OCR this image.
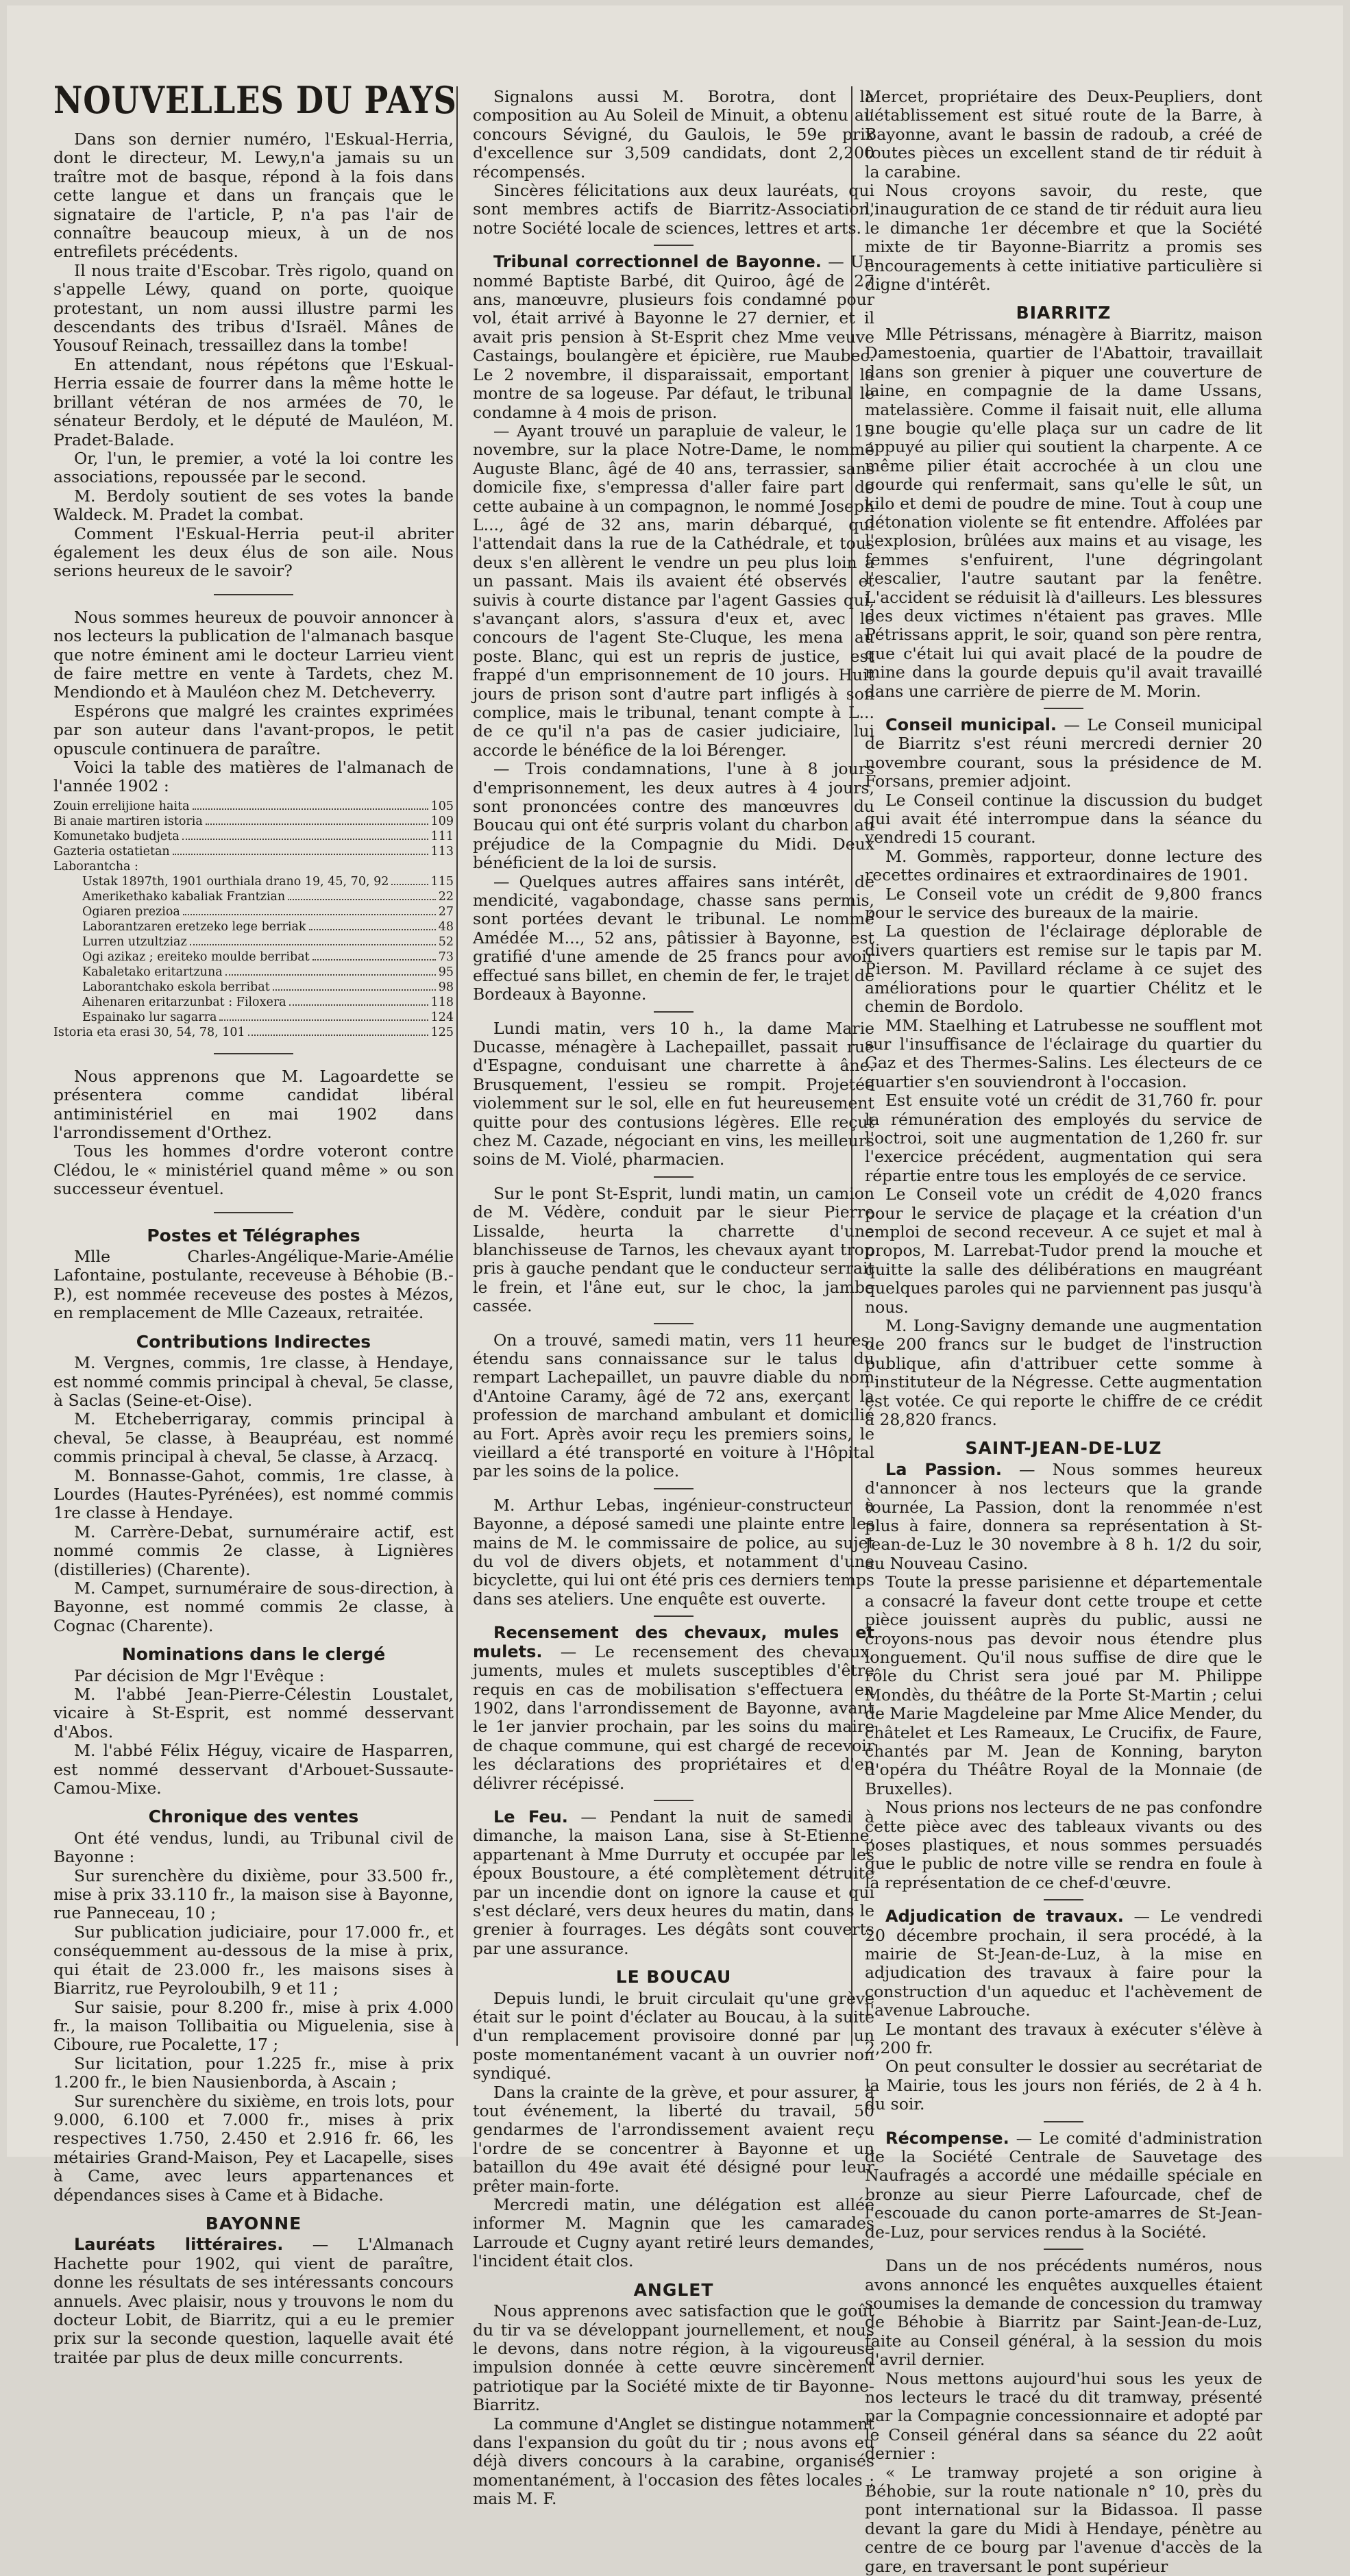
NOUVELLES DU PAYS

Dans son dernier numéro, l'Eskual-Herria, dont le directeur, M. Lewy,n'a jamais su un traître mot de basque, répond à la fois dans cette langue et dans un français que le signataire de l'article, P, n'a pas l'air de connaître beaucoup mieux, à un de nos entrefilets précédents.

Il nous traite d'Escobar. Très rigolo, quand on s'appelle Léwy, quand on porte, quoique protestant, un nom aussi illustre parmi les descendants des tribus d'Israël. Mânes de Yousouf Reinach, tressaillez dans la tombe!

En attendant, nous répétons que l'Eskual-Herria essaie de fourrer dans la même hotte le brillant vétéran de nos armées de 70, le sénateur Berdoly, et le député de Mauléon, M. Pradet-Balade.

Or, l'un, le premier, a voté la loi contre les associations, repoussée par le second.

M. Berdoly soutient de ses votes la bande Waldeck. M. Pradet la combat.

Comment l'Eskual-Herria peut-il abriter également les deux élus de son aile. Nous serions heureux de le savoir?

Nous sommes heureux de pouvoir annoncer à nos lecteurs la publication de l'almanach basque que notre éminent ami le docteur Larrieu vient de faire mettre en vente à Tardets, chez M. Mendiondo et à Mauléon chez M. Detcheverry.

Espérons que malgré les craintes exprimées par son auteur dans l'avant-propos, le petit opuscule continuera de paraître.

Voici la table des matières de l'almanach de l'année 1902 :

Zouin errelijione haita	105
Bi anaie martiren istoria	109
Komunetako budjeta	111
Gazteria ostatietan	113
Laborantcha :
Ustak 1897th, 1901 ourthiala drano 19, 45, 70, 92	115
Amerikethako kabaliak Frantzian	22
Ogiaren prezioa	27
Laborantzaren eretzeko lege berriak	48
Lurren utzultziaz	52
Ogi azikaz ; ereiteko moulde berribat	73
Kabaletako eritartzuna	95
Laborantchako eskola berribat	98
Aihenaren eritarzunbat : Filoxera	118
Espainako lur sagarra	124
Istoria eta erasi 30, 54, 78, 101	125

Nous apprenons que M. Lagoardette se présentera comme candidat libéral antiministériel en mai 1902 dans l'arrondissement d'Orthez.

Tous les hommes d'ordre voteront contre Clédou, le « ministériel quand même » ou son successeur éventuel.

Postes et Télégraphes

Mlle Charles-Angélique-Marie-Amélie Lafontaine, postulante, receveuse à Béhobie (B.-P.), est nommée receveuse des postes à Mézos, en remplacement de Mlle Cazeaux, retraitée.

Contributions Indirectes

M. Vergnes, commis, 1re classe, à Hendaye, est nommé commis principal à cheval, 5e classe, à Saclas (Seine-et-Oise).

M. Etcheberrigaray, commis principal à cheval, 5e classe, à Beaupréau, est nommé commis principal à cheval, 5e classe, à Arzacq.

M. Bonnasse-Gahot, commis, 1re classe, à Lourdes (Hautes-Pyrénées), est nommé commis 1re classe à Hendaye.

M. Carrère-Debat, surnuméraire actif, est nommé commis 2e classe, à Lignières (distilleries) (Charente).

M. Campet, surnuméraire de sous-direction, à Bayonne, est nommé commis 2e classe, à Cognac (Charente).

Nominations dans le clergé

Par décision de Mgr l'Evêque :

M. l'abbé Jean-Pierre-Célestin Loustalet, vicaire à St-Esprit, est nommé desservant d'Abos.

M. l'abbé Félix Héguy, vicaire de Hasparren, est nommé desservant d'Arbouet-Sussaute-Camou-Mixe.

Chronique des ventes

Ont été vendus, lundi, au Tribunal civil de Bayonne :

Sur surenchère du dixième, pour 33.500 fr., mise à prix 33.110 fr., la maison sise à Bayonne, rue Panneceau, 10 ;

Sur publication judiciaire, pour 17.000 fr., et conséquemment au-dessous de la mise à prix, qui était de 23.000 fr., les maisons sises à Biarritz, rue Peyroloubilh, 9 et 11 ;

Sur saisie, pour 8.200 fr., mise à prix 4.000 fr., la maison Tollibaitia ou Miguelenia, sise à Ciboure, rue Pocalette, 17 ;

Sur licitation, pour 1.225 fr., mise à prix 1.200 fr., le bien Nausienborda, à Ascain ;

Sur surenchère du sixième, en trois lots, pour 9.000, 6.100 et 7.000 fr., mises à prix respectives 1.750, 2.450 et 2.916 fr. 66, les métairies Grand-Maison, Pey et Lacapelle, sises à Came, avec leurs appartenances et dépendances sises à Came et à Bidache.

BAYONNE

Lauréats littéraires. — L'Almanach Hachette pour 1902, qui vient de paraître, donne les résultats de ses intéressants concours annuels. Avec plaisir, nous y trouvons le nom du docteur Lobit, de Biarritz, qui a eu le premier prix sur la seconde question, laquelle avait été traitée par plus de deux mille concurrents.

Signalons aussi M. Borotra, dont la composition au Au Soleil de Minuit, a obtenu au concours Sévigné, du Gaulois, le 59e prix d'excellence sur 3,509 candidats, dont 2,200 récompensés.

Sincères félicitations aux deux lauréats, qui sont membres actifs de Biarritz-Association, notre Société locale de sciences, lettres et arts.

Tribunal correctionnel de Bayonne. — Un nommé Baptiste Barbé, dit Quiroo, âgé de 27 ans, manœuvre, plusieurs fois condamné pour vol, était arrivé à Bayonne le 27 dernier, et il avait pris pension à St-Esprit chez Mme veuve Castaings, boulangère et épicière, rue Maubec. Le 2 novembre, il disparaissait, emportant la montre de sa logeuse. Par défaut, le tribunal le condamne à 4 mois de prison.

— Ayant trouvé un parapluie de valeur, le 15 novembre, sur la place Notre-Dame, le nommé Auguste Blanc, âgé de 40 ans, terrassier, sans domicile fixe, s'empressa d'aller faire part de cette aubaine à un compagnon, le nommé Joseph L..., âgé de 32 ans, marin débarqué, qui l'attendait dans la rue de la Cathédrale, et tous deux s'en allèrent le vendre un peu plus loin à un passant. Mais ils avaient été observés et suivis à courte distance par l'agent Gassies qui, s'avançant alors, s'assura d'eux et, avec le concours de l'agent Ste-Cluque, les mena au poste. Blanc, qui est un repris de justice, est frappé d'un emprisonnement de 10 jours. Huit jours de prison sont d'autre part infligés à son complice, mais le tribunal, tenant compte à L... de ce qu'il n'a pas de casier judiciaire, lui accorde le bénéfice de la loi Bérenger.

— Trois condamnations, l'une à 8 jours d'emprisonnement, les deux autres à 4 jours, sont prononcées contre des manœuvres du Boucau qui ont été surpris volant du charbon au préjudice de la Compagnie du Midi. Deux bénéficient de la loi de sursis.

— Quelques autres affaires sans intérêt, de mendicité, vagabondage, chasse sans permis, sont portées devant le tribunal. Le nommé Amédée M..., 52 ans, pâtissier à Bayonne, est gratifié d'une amende de 25 francs pour avoir effectué sans billet, en chemin de fer, le trajet de Bordeaux à Bayonne.

Lundi matin, vers 10 h., la dame Marie Ducasse, ménagère à Lachepaillet, passait rue d'Espagne, conduisant une charrette à âne. Brusquement, l'essieu se rompit. Projetée violemment sur le sol, elle en fut heureusement quitte pour des contusions légères. Elle reçut chez M. Cazade, négociant en vins, les meilleurs soins de M. Violé, pharmacien.

Sur le pont St-Esprit, lundi matin, un camion de M. Védère, conduit par le sieur Pierre Lissalde, heurta la charrette d'une blanchisseuse de Tarnos, les chevaux ayant trop pris à gauche pendant que le conducteur serrait le frein, et l'âne eut, sur le choc, la jambe cassée.

On a trouvé, samedi matin, vers 11 heures, étendu sans connaissance sur le talus du rempart Lachepaillet, un pauvre diable du nom d'Antoine Caramy, âgé de 72 ans, exerçant la profession de marchand ambulant et domicilié au Fort. Après avoir reçu les premiers soins, le vieillard a été transporté en voiture à l'Hôpital par les soins de la police.

M. Arthur Lebas, ingénieur-constructeur à Bayonne, a déposé samedi une plainte entre les mains de M. le commissaire de police, au sujet du vol de divers objets, et notamment d'une bicyclette, qui lui ont été pris ces derniers temps dans ses ateliers. Une enquête est ouverte.

Recensement des chevaux, mules et mulets. — Le recensement des chevaux, juments, mules et mulets susceptibles d'être requis en cas de mobilisation s'effectuera en 1902, dans l'arrondissement de Bayonne, avant le 1er janvier prochain, par les soins du maire de chaque commune, qui est chargé de recevoir les déclarations des propriétaires et d'en délivrer récépissé.

Le Feu. — Pendant la nuit de samedi à dimanche, la maison Lana, sise à St-Etienne, appartenant à Mme Durruty et occupée par les époux Boustoure, a été complètement détruite par un incendie dont on ignore la cause et qui s'est déclaré, vers deux heures du matin, dans le grenier à fourrages. Les dégâts sont couverts par une assurance.

LE BOUCAU

Depuis lundi, le bruit circulait qu'une grève était sur le point d'éclater au Boucau, à la suite d'un remplacement provisoire donné par un poste momentanément vacant à un ouvrier non syndiqué.

Dans la crainte de la grève, et pour assurer, à tout événement, la liberté du travail, 50 gendarmes de l'arrondissement avaient reçu l'ordre de se concentrer à Bayonne et un bataillon du 49e avait été désigné pour leur prêter main-forte.

Mercredi matin, une délégation est allée informer M. Magnin que les camarades Larroude et Cugny ayant retiré leurs demandes, l'incident était clos.

ANGLET

Nous apprenons avec satisfaction que le goût du tir va se développant journellement, et nous le devons, dans notre région, à la vigoureuse impulsion donnée à cette œuvre sincèrement patriotique par la Société mixte de tir Bayonne-Biarritz.

La commune d'Anglet se distingue notamment dans l'expansion du goût du tir ; nous avons eu déjà divers concours à la carabine, organisés momentanément, à l'occasion des fêtes locales ; mais M. F.

Mercet, propriétaire des Deux-Peupliers, dont l'établissement est situé route de la Barre, à Bayonne, avant le bassin de radoub, a créé de toutes pièces un excellent stand de tir réduit à la carabine.

Nous croyons savoir, du reste, que l'inauguration de ce stand de tir réduit aura lieu le dimanche 1er décembre et que la Société mixte de tir Bayonne-Biarritz a promis ses encouragements à cette initiative particulière si digne d'intérêt.

BIARRITZ

Mlle Pétrissans, ménagère à Biarritz, maison Damestoenia, quartier de l'Abattoir, travaillait dans son grenier à piquer une couverture de laine, en compagnie de la dame Ussans, matelassière. Comme il faisait nuit, elle alluma une bougie qu'elle plaça sur un cadre de lit appuyé au pilier qui soutient la charpente. A ce même pilier était accrochée à un clou une gourde qui renfermait, sans qu'elle le sût, un kilo et demi de poudre de mine. Tout à coup une détonation violente se fit entendre. Affolées par l'explosion, brûlées aux mains et au visage, les femmes s'enfuirent, l'une dégringolant l'escalier, l'autre sautant par la fenêtre. L'accident se réduisit là d'ailleurs. Les blessures des deux victimes n'étaient pas graves. Mlle Pétrissans apprit, le soir, quand son père rentra, que c'était lui qui avait placé de la poudre de mine dans la gourde depuis qu'il avait travaillé dans une carrière de pierre de M. Morin.

Conseil municipal. — Le Conseil municipal de Biarritz s'est réuni mercredi dernier 20 novembre courant, sous la présidence de M. Forsans, premier adjoint.

Le Conseil continue la discussion du budget qui avait été interrompue dans la séance du vendredi 15 courant.

M. Gommès, rapporteur, donne lecture des recettes ordinaires et extraordinaires de 1901.

Le Conseil vote un crédit de 9,800 francs pour le service des bureaux de la mairie.

La question de l'éclairage déplorable de divers quartiers est remise sur le tapis par M. Pierson. M. Pavillard réclame à ce sujet des améliorations pour le quartier Chélitz et le chemin de Bordolo.

MM. Staelhing et Latrubesse ne soufflent mot sur l'insuffisance de l'éclairage du quartier du Gaz et des Thermes-Salins. Les électeurs de ce quartier s'en souviendront à l'occasion.

Est ensuite voté un crédit de 31,760 fr. pour la rémunération des employés du service de l'octroi, soit une augmentation de 1,260 fr. sur l'exercice précédent, augmentation qui sera répartie entre tous les employés de ce service.

Le Conseil vote un crédit de 4,020 francs pour le service de plaçage et la création d'un emploi de second receveur. A ce sujet et mal à propos, M. Larrebat-Tudor prend la mouche et quitte la salle des délibérations en maugréant quelques paroles qui ne parviennent pas jusqu'à nous.

M. Long-Savigny demande une augmentation de 200 francs sur le budget de l'instruction publique, afin d'attribuer cette somme à l'instituteur de la Négresse. Cette augmentation est votée. Ce qui reporte le chiffre de ce crédit à 28,820 francs.

SAINT-JEAN-DE-LUZ

La Passion. — Nous sommes heureux d'annoncer à nos lecteurs que la grande tournée, La Passion, dont la renommée n'est plus à faire, donnera sa représentation à St-Jean-de-Luz le 30 novembre à 8 h. 1/2 du soir, au Nouveau Casino.

Toute la presse parisienne et départementale a consacré la faveur dont cette troupe et cette pièce jouissent auprès du public, aussi ne croyons-nous pas devoir nous étendre plus longuement. Qu'il nous suffise de dire que le rôle du Christ sera joué par M. Philippe Mondès, du théâtre de la Porte St-Martin ; celui de Marie Magdeleine par Mme Alice Mender, du châtelet et Les Rameaux, Le Crucifix, de Faure, chantés par M. Jean de Konning, baryton d'opéra du Théâtre Royal de la Monnaie (de Bruxelles).

Nous prions nos lecteurs de ne pas confondre cette pièce avec des tableaux vivants ou des poses plastiques, et nous sommes persuadés que le public de notre ville se rendra en foule à la représentation de ce chef-d'œuvre.

Adjudication de travaux. — Le vendredi 20 décembre prochain, il sera procédé, à la mairie de St-Jean-de-Luz, à la mise en adjudication des travaux à faire pour la construction d'un aqueduc et l'achèvement de l'avenue Labrouche.

Le montant des travaux à exécuter s'élève à 2,200 fr.

On peut consulter le dossier au secrétariat de la Mairie, tous les jours non fériés, de 2 à 4 h. du soir.

Récompense. — Le comité d'administration de la Société Centrale de Sauvetage des Naufragés a accordé une médaille spéciale en bronze au sieur Pierre Lafourcade, chef de l'escouade du canon porte-amarres de St-Jean-de-Luz, pour services rendus à la Société.

Dans un de nos précédents numéros, nous avons annoncé les enquêtes auxquelles étaient soumises la demande de concession du tramway de Béhobie à Biarritz par Saint-Jean-de-Luz, faite au Conseil général, à la session du mois d'avril dernier.

Nous mettons aujourd'hui sous les yeux de nos lecteurs le tracé du dit tramway, présenté par la Compagnie concessionnaire et adopté par le Conseil général dans sa séance du 22 août dernier :

« Le tramway projeté a son origine à Béhobie, sur la route nationale n° 10, près du pont international sur la Bidassoa. Il passe devant la gare du Midi à Hendaye, pénètre au centre de ce bourg par l'avenue d'accès de la gare, en traversant le pont supérieur
